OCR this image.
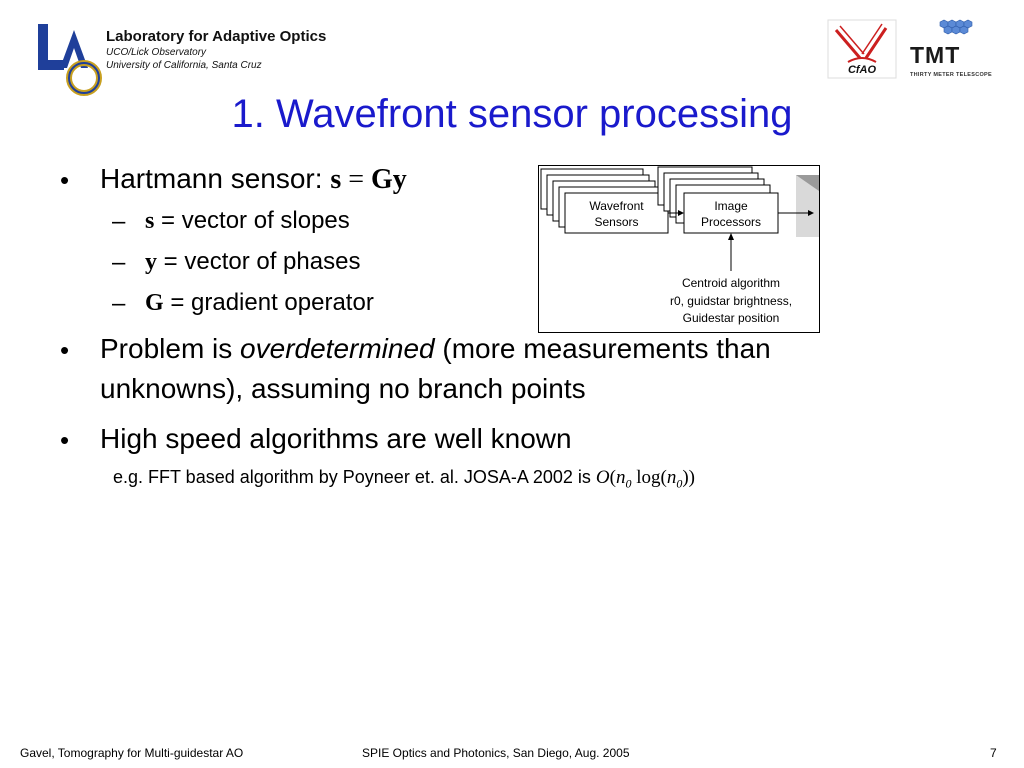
Laboratory for Adaptive Optics
UCO/Lick Observatory
University of California, Santa Cruz	CfAO
TMT
THIRTY METER TELESCOPE
1. Wavefront sensor processing
• Hartmann sensor: s = Gy
– s = vector of slopes
– y = vector of phases
– G = gradient operator
• Problem is overdetermined (more measurements than
unknowns), assuming no branch points
• High speed algorithms are well known
e.g. FFT based algorithm by Poyneer et. al. JOSA-A 2002 is $O(n_0$ $\log(n_0)$)
Wavefront
Sensors
Image
Processors
Centroid algorithm
r0, guidstar brightness,
Guidestar position
Gavel, Tomography for Multi-guidestar AO	SPIE Optics and Photonics, San Diego, Aug. 2005	7
